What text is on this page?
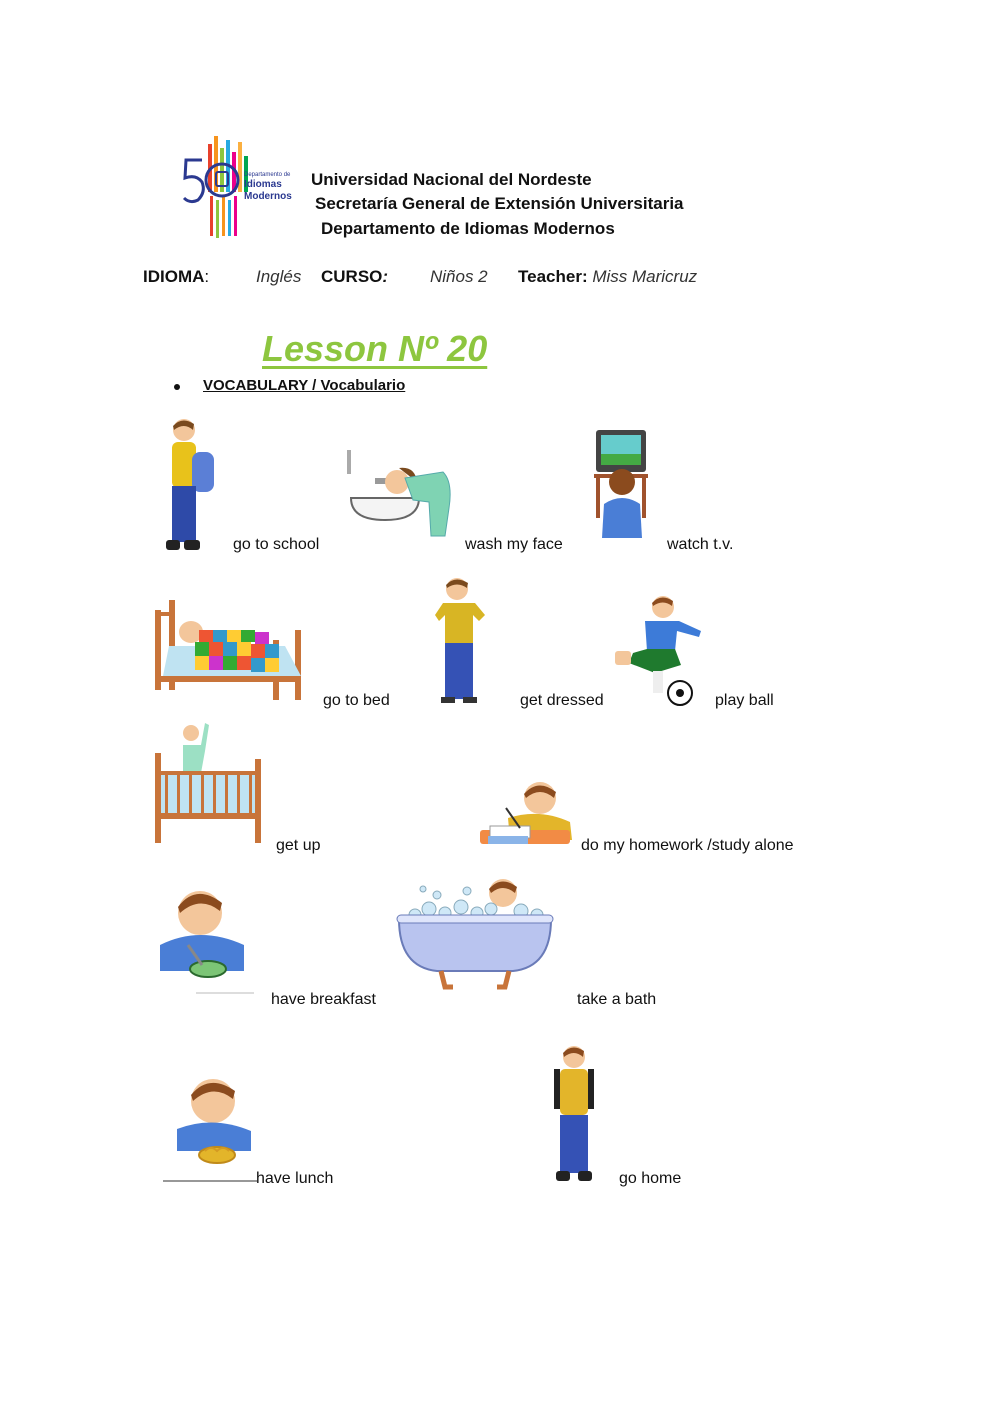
Departamento de
Idiomas
Modernos
Universidad Nacional del Nordeste
Secretaría General de Extensión Universitaria
Departamento de Idiomas Modernos
IDIOMA:	Inglés CURSO: Niños 2 Teacher: Miss Maricruz
Lesson Nº 20
VOCABULARY / Vocabulario
go to school	wash my face	watch t.v.
go to bed	get dressed	play ball
get up	do my homework /study alone
have breakfast	take a bath
have lunch	go home
